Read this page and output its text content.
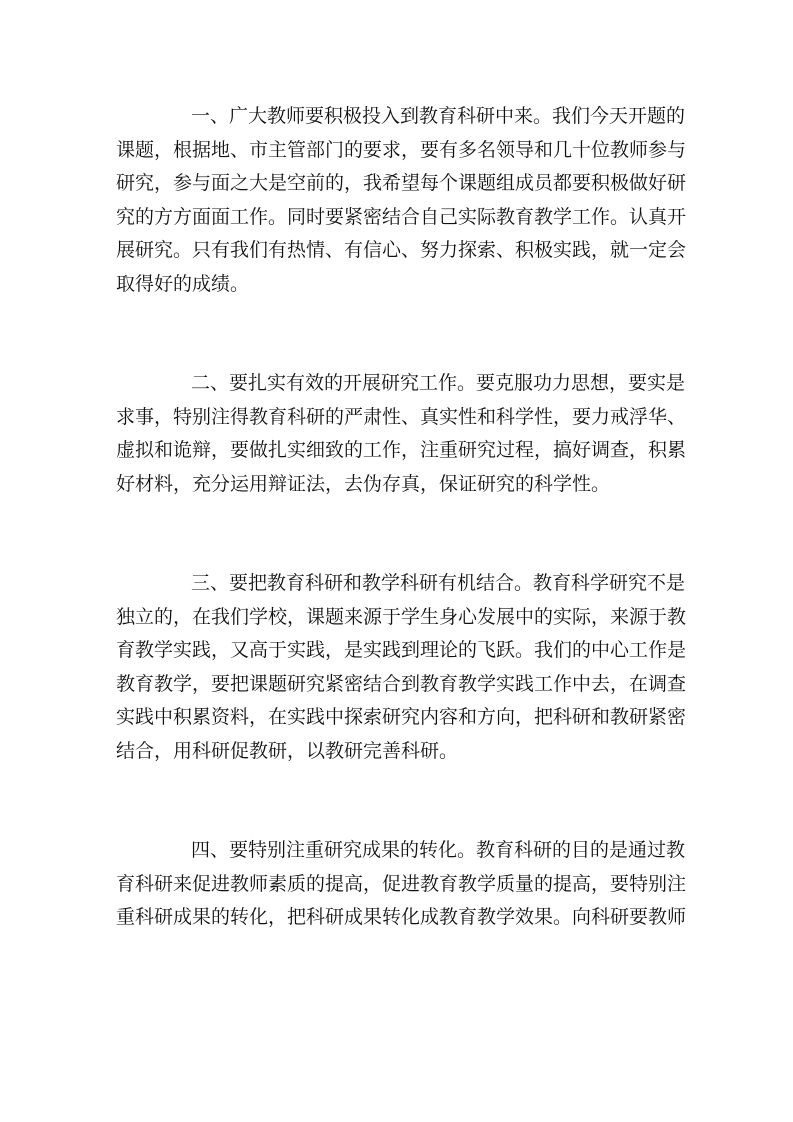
一、广大教师要积极投入到教育科研中来。我们今天开题的
课题，根据地、市主管部门的要求，要有多名领导和几十位教师参与
研究，参与面之大是空前的，我希望每个课题组成员都要积极做好研
究的方方面面工作。同时要紧密结合自己实际教育教学工作。认真开
展研究。只有我们有热情、有信心、努力探索、积极实践，就一定会
取得好的成绩。

二、要扎实有效的开展研究工作。要克服功力思想，要实是
求事，特别注得教育科研的严肃性、真实性和科学性，要力戒浮华、
虚拟和诡辩，要做扎实细致的工作，注重研究过程，搞好调查，积累
好材料，充分运用辩证法，去伪存真，保证研究的科学性。

三、要把教育科研和教学科研有机结合。教育科学研究不是
独立的，在我们学校，课题来源于学生身心发展中的实际，来源于教
育教学实践，又高于实践，是实践到理论的飞跃。我们的中心工作是
教育教学，要把课题研究紧密结合到教育教学实践工作中去，在调查
实践中积累资料，在实践中探索研究内容和方向，把科研和教研紧密
结合，用科研促教研，以教研完善科研。

四、要特别注重研究成果的转化。教育科研的目的是通过教
育科研来促进教师素质的提高，促进教育教学质量的提高，要特别注
重科研成果的转化，把科研成果转化成教育教学效果。向科研要教师
